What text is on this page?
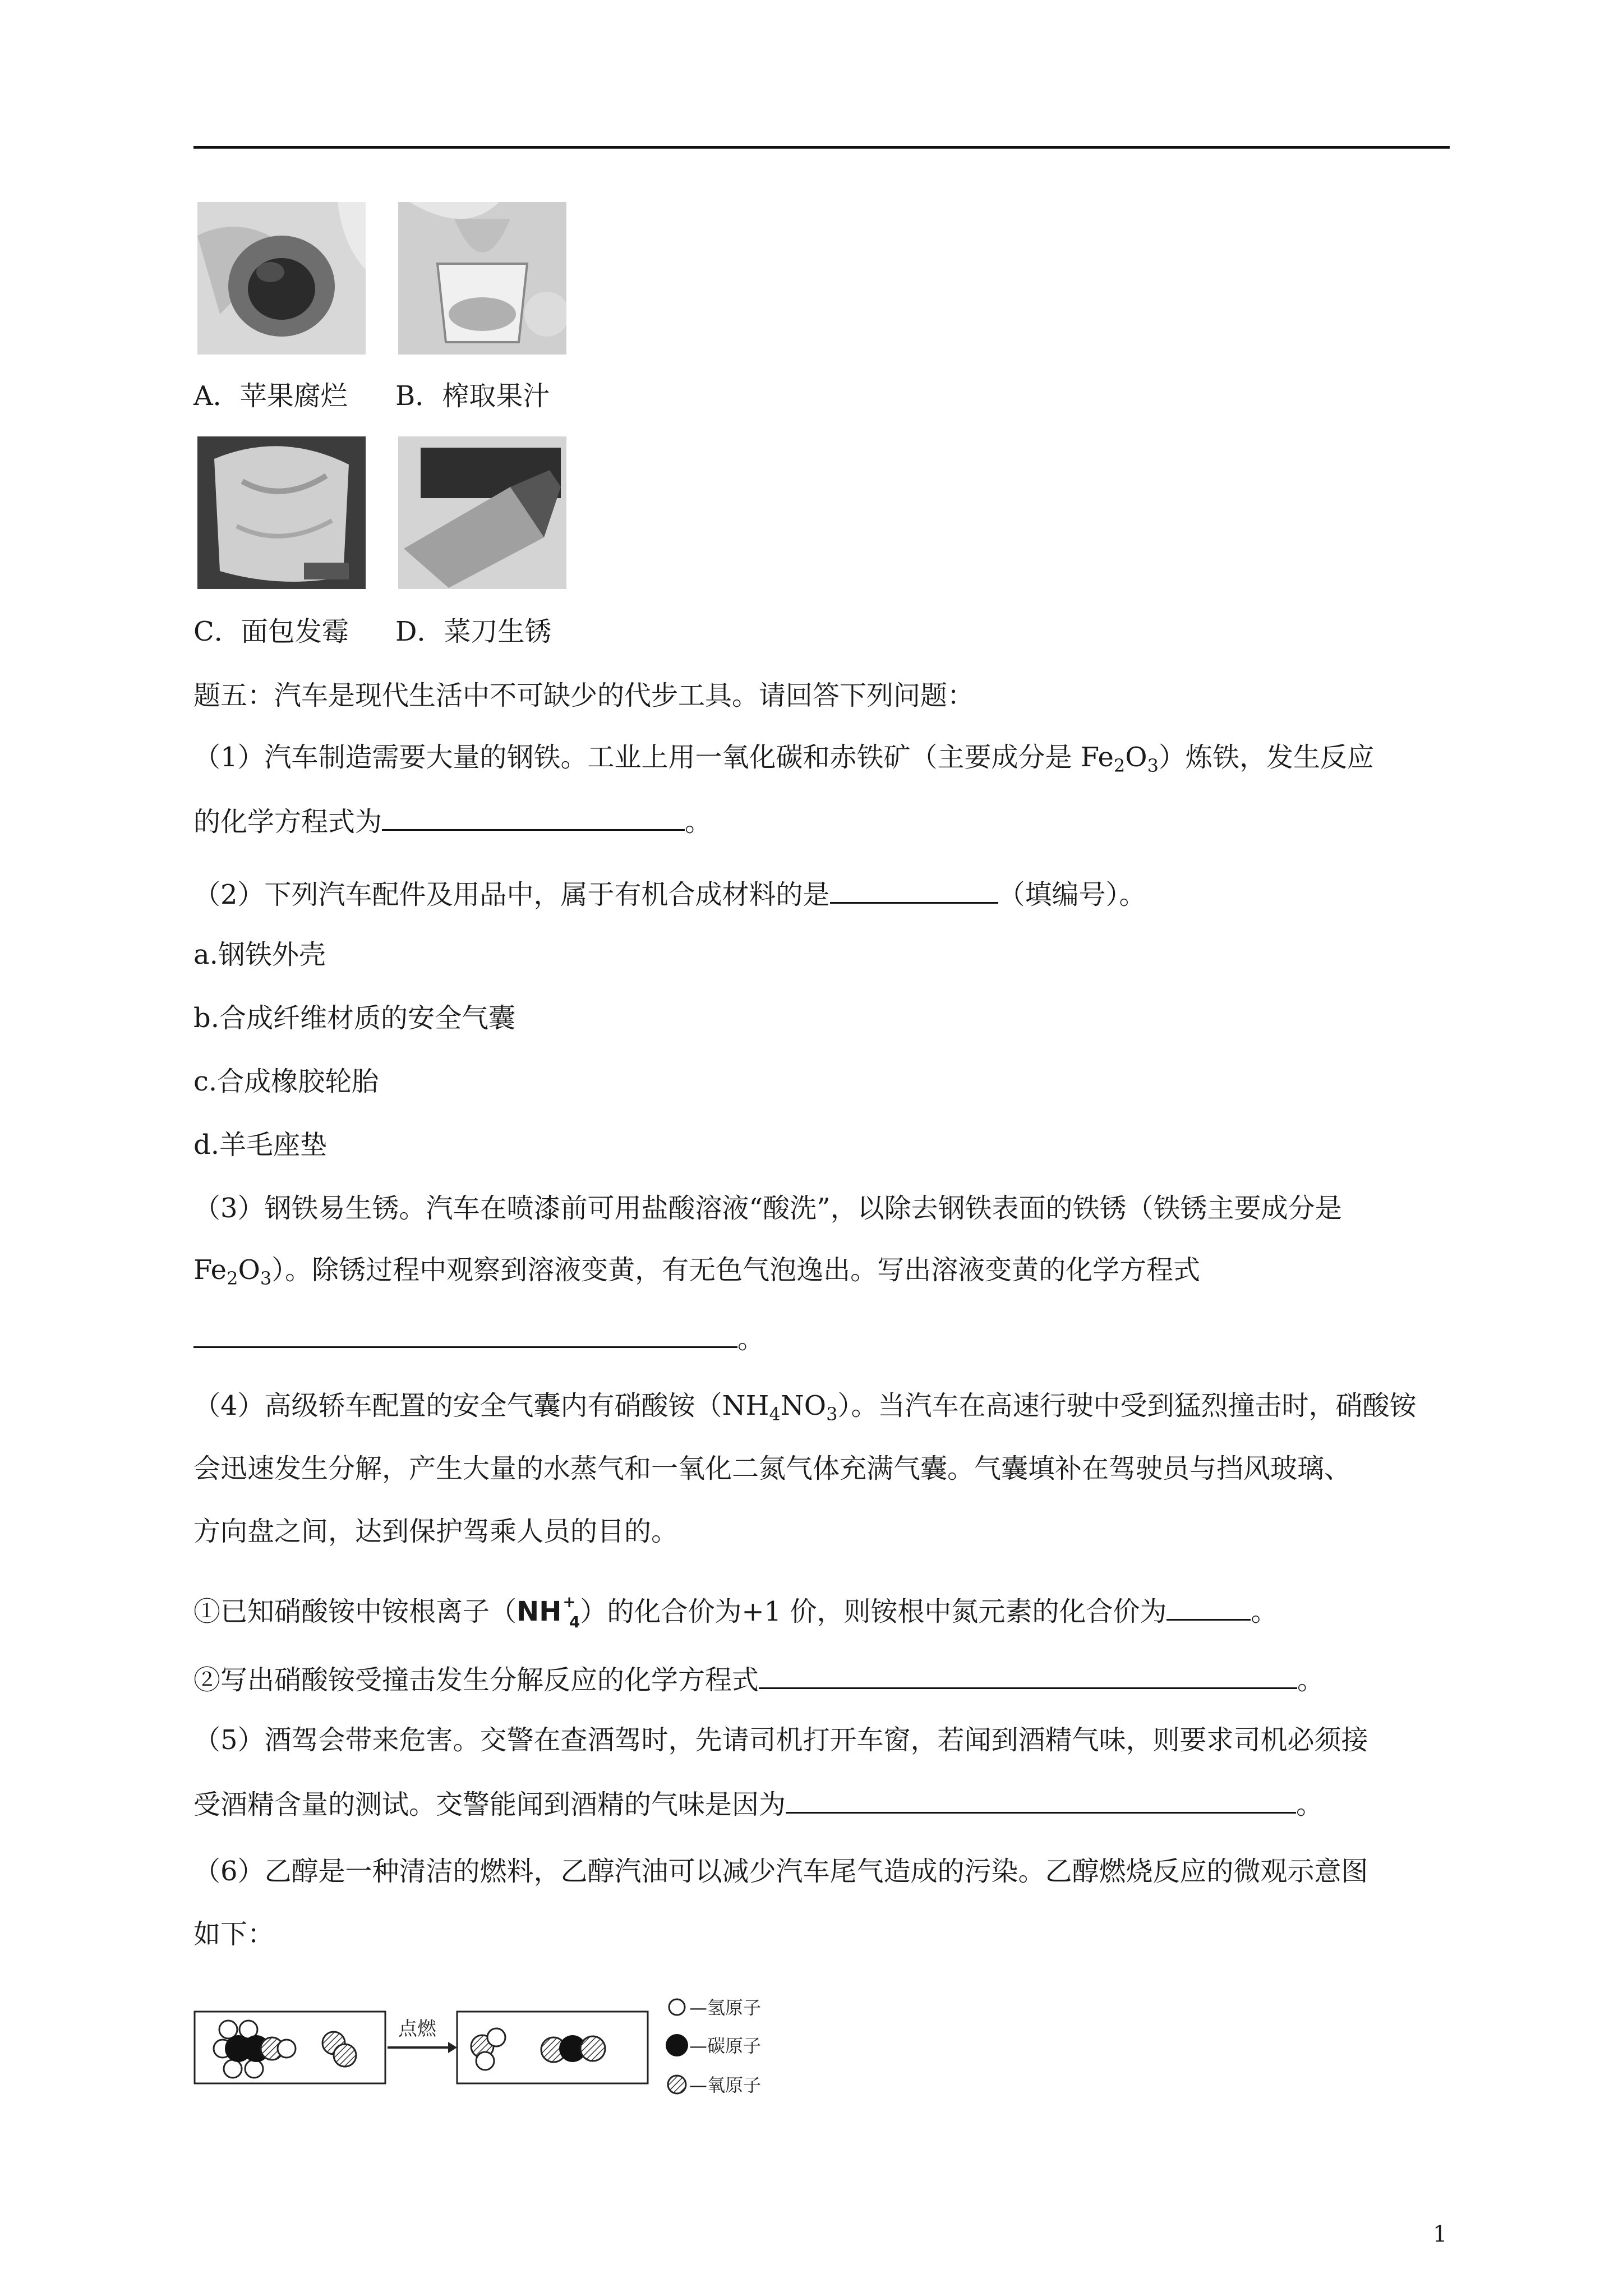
A．苹果腐烂 B．榨取果汁
C．面包发霉 D．菜刀生锈
题五：汽车是现代生活中不可缺少的代步工具。请回答下列问题：
（1）汽车制造需要大量的钢铁。工业上用一氧化碳和赤铁矿（主要成分是 $Fe_2O_3$）炼铁，发生反应
的化学方程式为	。
（2）下列汽车配件及用品中，属于有机合成材料的是	（填编号）。
a.钢铁外壳
b.合成纤维材质的安全气囊
c.合成橡胶轮胎
d.羊毛座垫
（3）钢铁易生锈。汽车在喷漆前可用盐酸溶液“酸洗”，以除去钢铁表面的铁锈（铁锈主要成分是
$Fe_2O_3$）。除锈过程中观察到溶液变黄，有无色气泡逸出。写出溶液变黄的化学方程式
。
（4）高级轿车配置的安全气囊内有硝酸铵$(NH_4NO_3)$。当汽车在高速行驶中受到猛烈撞击时，硝酸铵
会迅速发生分解，产生大量的水蒸气和一氧化二氮气体充满气囊。气囊填补在驾驶员与挡风玻璃、
方向盘之间，达到保护驾乘人员的目的。
①已知硝酸铵中铵根离子$(NH^+_4)$的化合价为+1 价，则铵根中氮元素的化合价为	。
②写出硝酸铵受撞击发生分解反应的化学方程式	。
（5）酒驾会带来危害。交警在查酒驾时，先请司机打开车窗，若闻到酒精气味，则要求司机必须接
受酒精含量的测试。交警能闻到酒精的气味是因为	。
（6）乙醇是一种清洁的燃料，乙醇汽油可以减少汽车尾气造成的污染。乙醇燃烧反应的微观示意图
如下：
点燃
—氢原子
—碳原子
—氧原子
1
